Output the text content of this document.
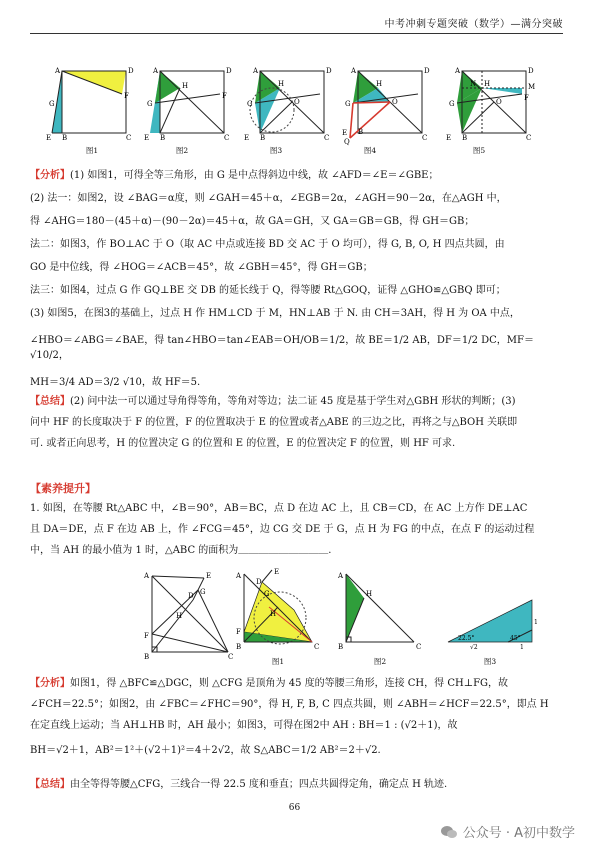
中考冲刺专题突破（数学）—满分突破
A	D
G
F
E B	C
图1
A	D
G
H
F
E B	C
图2
A	D
G
H
O
E B	C
图3
A	D
G
H
O
E B
C
Q
图4
A	D
N H	M
G	O	F
E B	C
图5
【分析】(1) 如图1，可得全等三角形，由 G 是中点得斜边中线，故 ∠AFD＝∠E＝∠GBE；
(2) 法一：如图2，设 ∠BAG＝α度，则 ∠GAH＝45＋α，∠EGB＝2α，∠AGH＝90－2α，在△AGH 中，
得 ∠AHG＝180－(45＋α)－(90－2α)＝45＋α，故 GA＝GH，又 GA＝GB＝GB，得 GH＝GB；
法二：如图3，作 BO⊥AC 于 O（取 AC 中点或连接 BD 交 AC 于 O 均可），得 G, B, O, H 四点共圆，由
GO 是中位线，得 ∠HOG＝∠ACB＝45°，故 ∠GBH＝45°，得 GH＝GB；
法三：如图4，过点 G 作 GQ⊥BE 交 DB 的延长线于 Q，得等腰 Rt△GOQ，证得 △GHO≌△GBQ 即可；
(3) 如图5，在图3的基础上，过点 H 作 HM⊥CD 于 M，HN⊥AB 于 N. 由 CH＝3AH，得 H 为 OA 中点，
∠HBO＝∠ABG＝∠BAE，得 tan∠HBO＝tan∠EAB＝OH/OB＝1/2，故 BE＝1/2 AB，DF＝1/2 DC，MF＝√10/2，
MH＝3/4 AD＝3/2 √10，故 HF＝5.
【总结】(2) 问中法一可以通过导角得等角，等角对等边；法二证 45 度是基于学生对△GBH 形状的判断；(3)
问中 HF 的长度取决于 F 的位置，F 的位置取决于 E 的位置或者△ABE 的三边之比，再将之与△BOH 关联即
可. 或者正向思考，H 的位置决定 G 的位置和 E 的位置，E 的位置决定 F 的位置，则 HF 可求.
【素养提升】
1. 如图，在等腰 Rt△ABC 中，∠B＝90°，AB＝BC，点 D 在边 AC 上，且 CB＝CD，在 AC 上方作 DE⊥AC
且 DA＝DE，点 F 在边 AB 上，作 ∠FCG＝45°，边 CG 交 DE 于 G，点 H 为 FG 的中点，在点 F 的运动过程
中，当 AH 的最小值为 1 时，△ABC 的面积为＿＿＿＿＿＿＿＿＿.
A	E
D G
H
F
B	C
A	E
D
G
H
F
B	C
图1
A
H
B	C
图2
22.5°	45°
√2	1
1
图3
【分析】如图1，得 △BFC≌△DGC，则 △CFG 是顶角为 45 度的等腰三角形，连接 CH，得 CH⊥FG，故
∠FCH＝22.5°；如图2，由 ∠FBC＝∠FHC＝90°，得 H, F, B, C 四点共圆，则 ∠ABH＝∠HCF＝22.5°，即点 H
在定直线上运动；当 AH⊥HB 时，AH 最小；如图3，可得在图2中 AH : BH＝1 : (√2＋1)，故
BH＝√2＋1，AB²＝1²＋(√2＋1)²＝4＋2√2，故 S△ABC＝1/2 AB²＝2＋√2.
【总结】由全等得等腰△CFG，三线合一得 22.5 度和垂直；四点共圆得定角，确定点 H 轨迹.
66
公众号 · A初中数学
